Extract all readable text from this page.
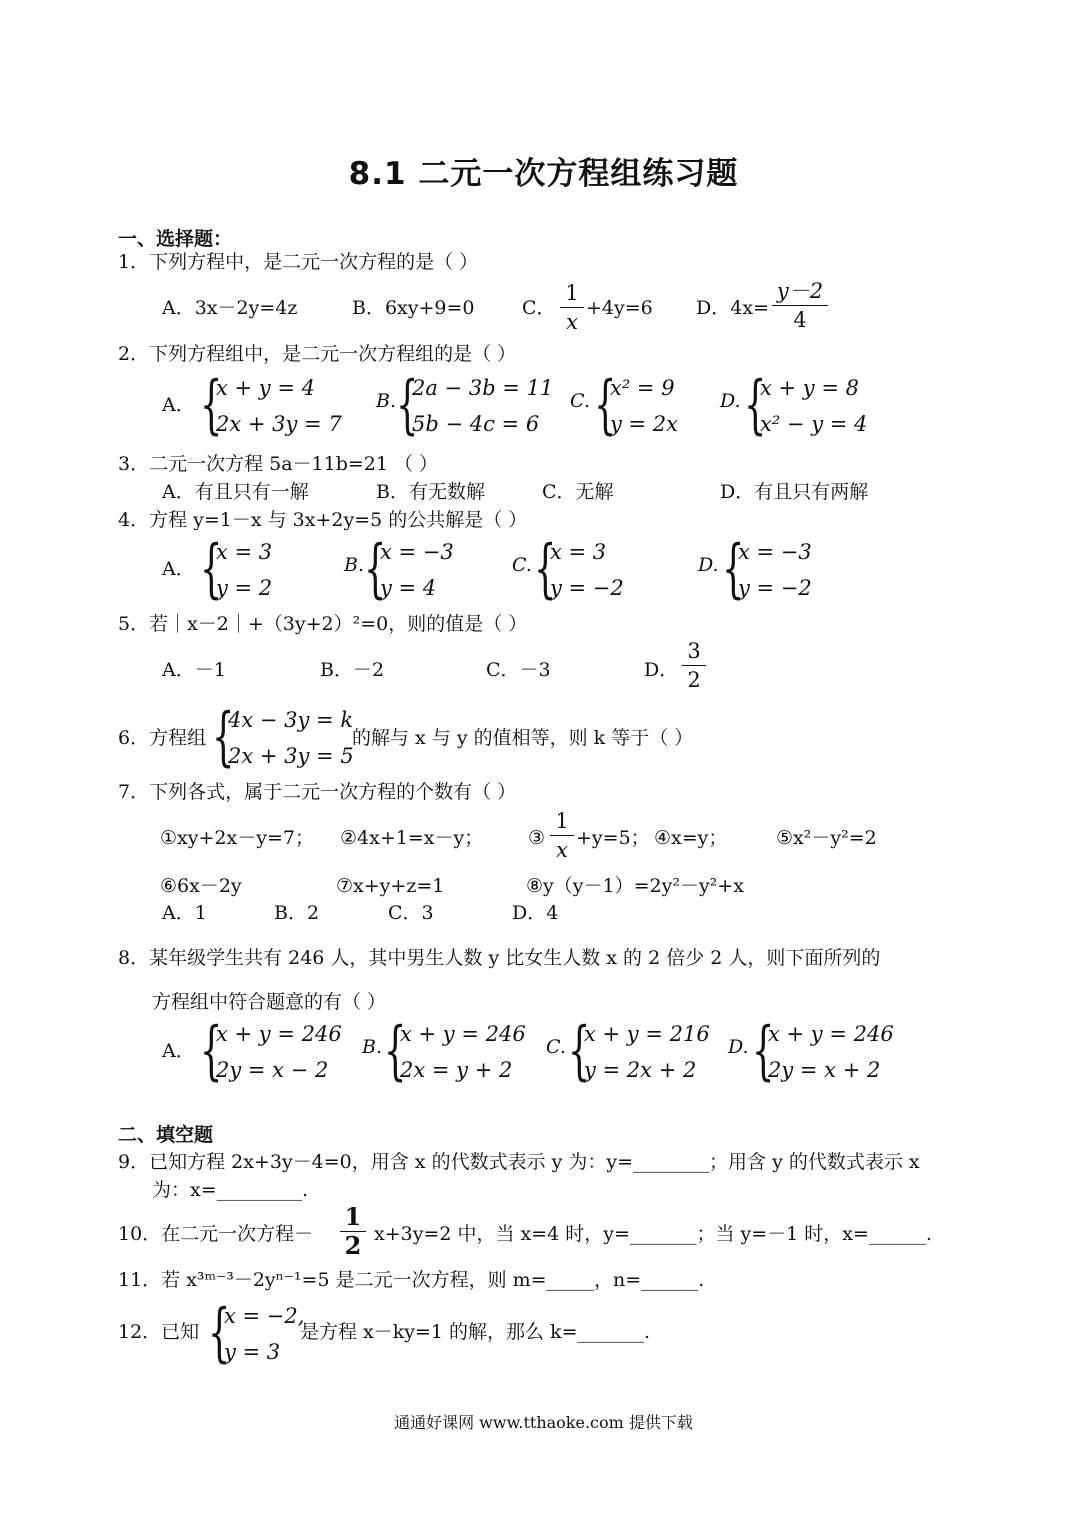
8.1 二元一次方程组练习题
一、选择题：
1．下列方程中，是二元一次方程的是（ ）
A．3x－2y=4z	B．6xy+9=0 C．
1
x
+4y=6 D．4x=
y－2
4
2．下列方程组中，是二元一次方程组的是（ ）
A． {
x + y = 4
2x + 3y = 7
B. {
2a − 3b = 11
5b − 4c = 6
C. {
x² = 9
y = 2x
D. {
x + y = 8
x² − y = 4
3．二元一次方程 5a－11b=21 （ ）
A．有且只有一解	B．有无数解	C．无解	D．有且只有两解
4．方程 y=1－x 与 3x+2y=5 的公共解是（ ）
A． {
x = 3
y = 2
B. {
x = −3
y = 4
C. {
x = 3
y = −2
D. {
x = −3
y = −2
5．若｜x－2｜+（3y+2）²=0，则的值是（ ）
A．－1	B．－2	C．－3	D．
3
2
6．方程组 {
4x − 3y = k
2x + 3y = 5
的解与 x 与 y 的值相等，则 k 等于（ ）
7．下列各式，属于二元一次方程的个数有（ ）
①xy+2x－y=7； ②4x+1=x－y； ③
1
x +y=5； ④x=y；	⑤x²－y²=2
⑥6x－2y	⑦x+y+z=1	⑧y（y－1）=2y²－y²+x
A．1	B．2	C．3	D．4
8．某年级学生共有 246 人，其中男生人数 y 比女生人数 x 的 2 倍少 2 人，则下面所列的
方程组中符合题意的有（ ）
A． {
x + y = 246
2y = x − 2
B. {
x + y = 246
2x = y + 2
C. {
x + y = 216
y = 2x + 2
D. {
x + y = 246
2y = x + 2
二、填空题
9．已知方程 2x+3y－4=0，用含 x 的代数式表示 y 为：y=________；用含 y 的代数式表示 x
为：x=_________.
10．在二元一次方程－
1
2 x+3y=2 中，当 x=4 时，y=_______；当 y=－1 时，x=______.
11．若 x³ᵐ⁻³－2yⁿ⁻¹=5 是二元一次方程，则 m=_____，n=______.
12．已知 {
x = −2,
y = 3
是方程 x－ky=1 的解，那么 k=_______.
通通好课网 www.tthaoke.com 提供下载
